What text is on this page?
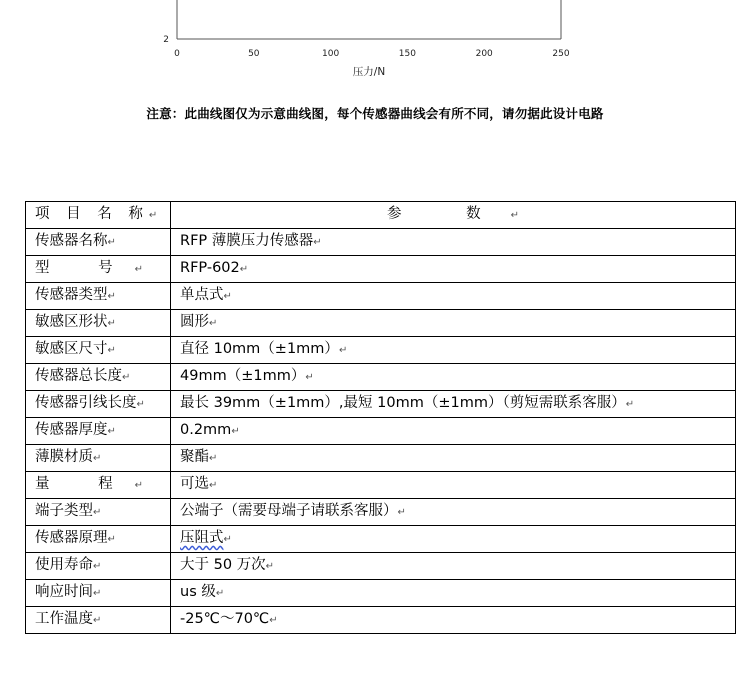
0	50	100	150	200	250
2
压力/N
注意：此曲线图仅为示意曲线图，每个传感器曲线会有所不同，请勿据此设计电路
项 目 名 称↵	参 数↵
传感器名称↵	RFP 薄膜压力传感器↵
型 号↵	RFP-602↵
传感器类型↵	单点式↵
敏感区形状↵	圆形↵
敏感区尺寸↵	直径 10mm（±1mm）↵
传感器总长度↵	49mm（±1mm）↵
传感器引线长度↵	最长 39mm（±1mm）,最短 10mm（±1mm）（剪短需联系客服）↵
传感器厚度↵	0.2mm↵
薄膜材质↵	聚酯↵
量 程↵	可选↵
端子类型↵	公端子（需要母端子请联系客服）↵
传感器原理↵	压阻式↵
使用寿命↵	大于 50 万次↵
响应时间↵	us 级↵
工作温度↵	-25℃～70℃↵
